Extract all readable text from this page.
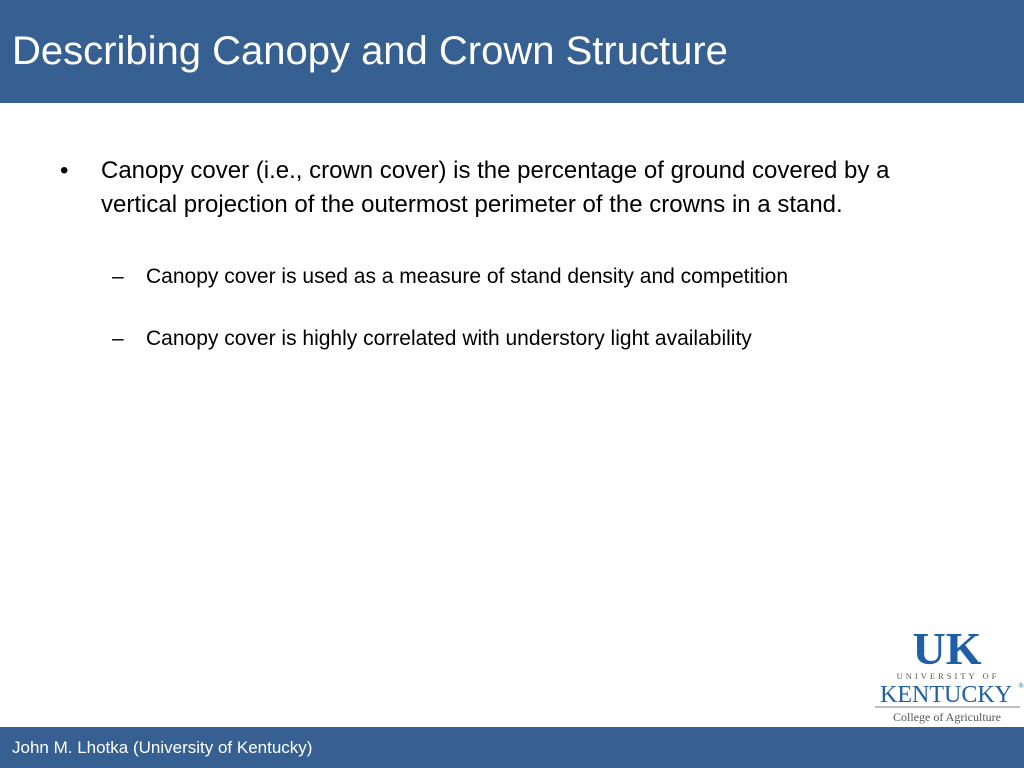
Describing Canopy and Crown Structure
• Canopy cover (i.e., crown cover) is the percentage of ground covered by a vertical projection of the outermost perimeter of the crowns in a stand.
– Canopy cover is used as a measure of stand density and competition
– Canopy cover is highly correlated with understory light availability
UK
UNIVERSITY OF
KENTUCKY ®
College of Agriculture
John M. Lhotka (University of Kentucky)
